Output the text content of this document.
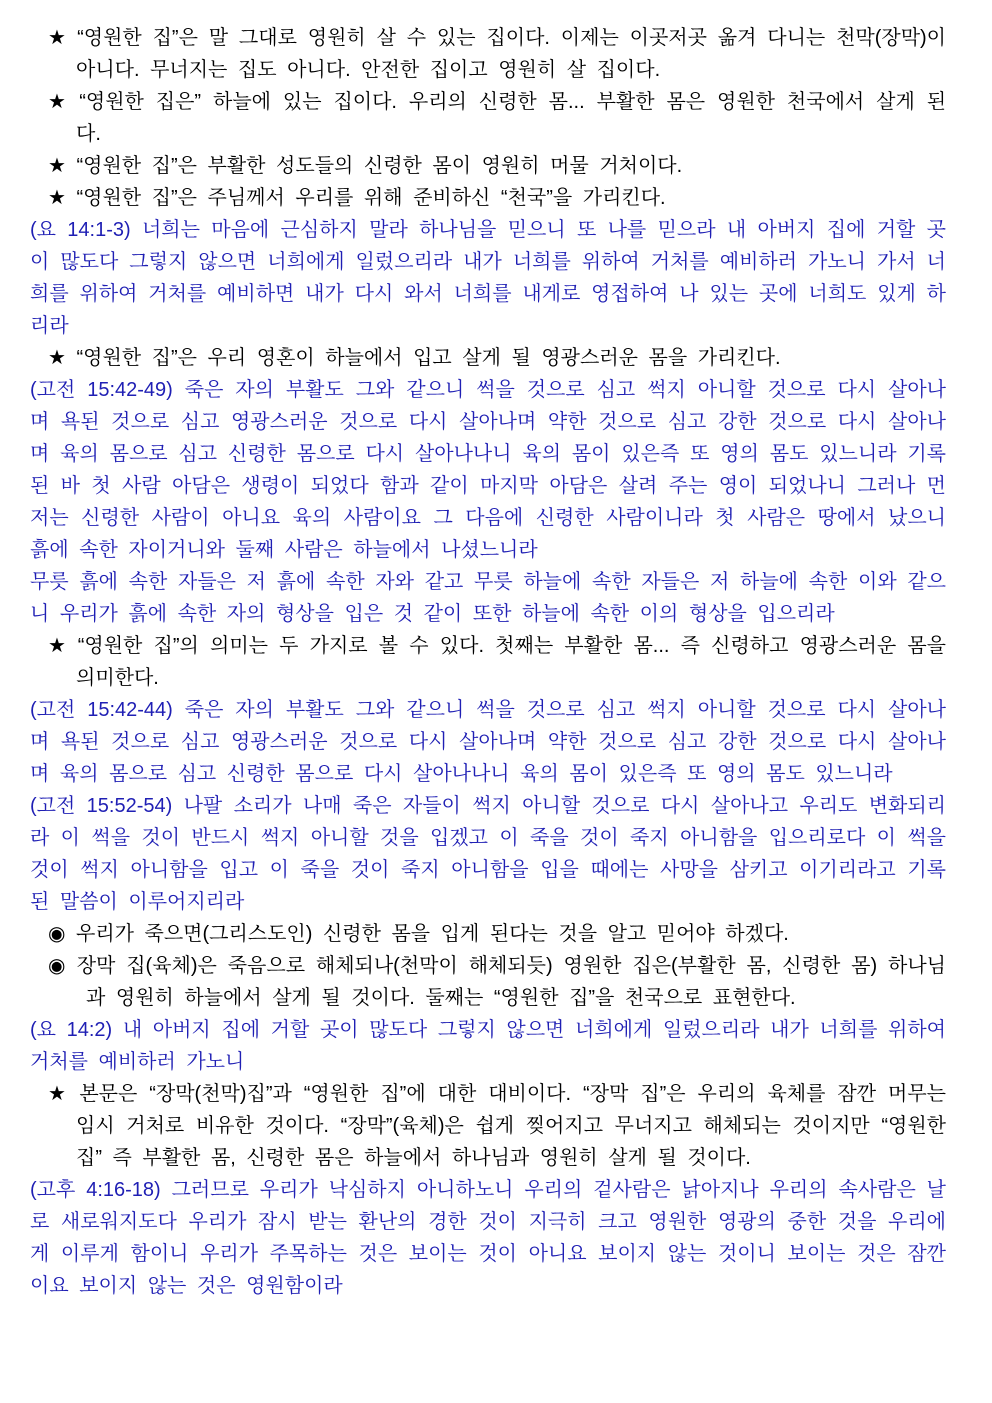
★ “영원한 집”은 말 그대로 영원히 살 수 있는 집이다. 이제는 이곳저곳 옮겨 다니는 천막(장막)이 아니다. 무너지는 집도 아니다. 안전한 집이고 영원히 살 집이다.

★ “영원한 집은” 하늘에 있는 집이다. 우리의 신령한 몸... 부활한 몸은 영원한 천국에서 살게 된다.

★ “영원한 집”은 부활한 성도들의 신령한 몸이 영원히 머물 거처이다.

★ “영원한 집”은 주님께서 우리를 위해 준비하신 “천국”을 가리킨다.

(요 14:1-3) 너희는 마음에 근심하지 말라 하나님을 믿으니 또 나를 믿으라 내 아버지 집에 거할 곳이 많도다 그렇지 않으면 너희에게 일렀으리라 내가 너희를 위하여 거처를 예비하러 가노니 가서 너희를 위하여 거처를 예비하면 내가 다시 와서 너희를 내게로 영접하여 나 있는 곳에 너희도 있게 하리라

★ “영원한 집”은 우리 영혼이 하늘에서 입고 살게 될 영광스러운 몸을 가리킨다.

(고전 15:42-49) 죽은 자의 부활도 그와 같으니 썩을 것으로 심고 썩지 아니할 것으로 다시 살아나며 욕된 것으로 심고 영광스러운 것으로 다시 살아나며 약한 것으로 심고 강한 것으로 다시 살아나며 육의 몸으로 심고 신령한 몸으로 다시 살아나나니 육의 몸이 있은즉 또 영의 몸도 있느니라 기록된 바 첫 사람 아담은 생령이 되었다 함과 같이 마지막 아담은 살려 주는 영이 되었나니 그러나 먼저는 신령한 사람이 아니요 육의 사람이요 그 다음에 신령한 사람이니라 첫 사람은 땅에서 났으니 흙에 속한 자이거니와 둘째 사람은 하늘에서 나셨느니라

무릇 흙에 속한 자들은 저 흙에 속한 자와 같고 무릇 하늘에 속한 자들은 저 하늘에 속한 이와 같으니 우리가 흙에 속한 자의 형상을 입은 것 같이 또한 하늘에 속한 이의 형상을 입으리라

★ “영원한 집”의 의미는 두 가지로 볼 수 있다. 첫째는 부활한 몸... 즉 신령하고 영광스러운 몸을 의미한다.

(고전 15:42-44) 죽은 자의 부활도 그와 같으니 썩을 것으로 심고 썩지 아니할 것으로 다시 살아나며 욕된 것으로 심고 영광스러운 것으로 다시 살아나며 약한 것으로 심고 강한 것으로 다시 살아나며 육의 몸으로 심고 신령한 몸으로 다시 살아나나니 육의 몸이 있은즉 또 영의 몸도 있느니라

(고전 15:52-54) 나팔 소리가 나매 죽은 자들이 썩지 아니할 것으로 다시 살아나고 우리도 변화되리라 이 썩을 것이 반드시 썩지 아니할 것을 입겠고 이 죽을 것이 죽지 아니함을 입으리로다 이 썩을 것이 썩지 아니함을 입고 이 죽을 것이 죽지 아니함을 입을 때에는 사망을 삼키고 이기리라고 기록된 말씀이 이루어지리라

◉ 우리가 죽으면(그리스도인) 신령한 몸을 입게 된다는 것을 알고 믿어야 하겠다.

◉ 장막 집(육체)은 죽음으로 해체되나(천막이 해체되듯) 영원한 집은(부활한 몸, 신령한 몸) 하나님과 영원히 하늘에서 살게 될 것이다. 둘째는 “영원한 집”을 천국으로 표현한다.

(요 14:2) 내 아버지 집에 거할 곳이 많도다 그렇지 않으면 너희에게 일렀으리라 내가 너희를 위하여 거처를 예비하러 가노니

★ 본문은 “장막(천막)집”과 “영원한 집”에 대한 대비이다. “장막 집”은 우리의 육체를 잠깐 머무는 임시 거처로 비유한 것이다. “장막”(육체)은 쉽게 찢어지고 무너지고 해체되는 것이지만 “영원한 집” 즉 부활한 몸, 신령한 몸은 하늘에서 하나님과 영원히 살게 될 것이다.

(고후 4:16-18) 그러므로 우리가 낙심하지 아니하노니 우리의 겉사람은 낡아지나 우리의 속사람은 날로 새로워지도다 우리가 잠시 받는 환난의 경한 것이 지극히 크고 영원한 영광의 중한 것을 우리에게 이루게 함이니 우리가 주목하는 것은 보이는 것이 아니요 보이지 않는 것이니 보이는 것은 잠깐이요 보이지 않는 것은 영원함이라
